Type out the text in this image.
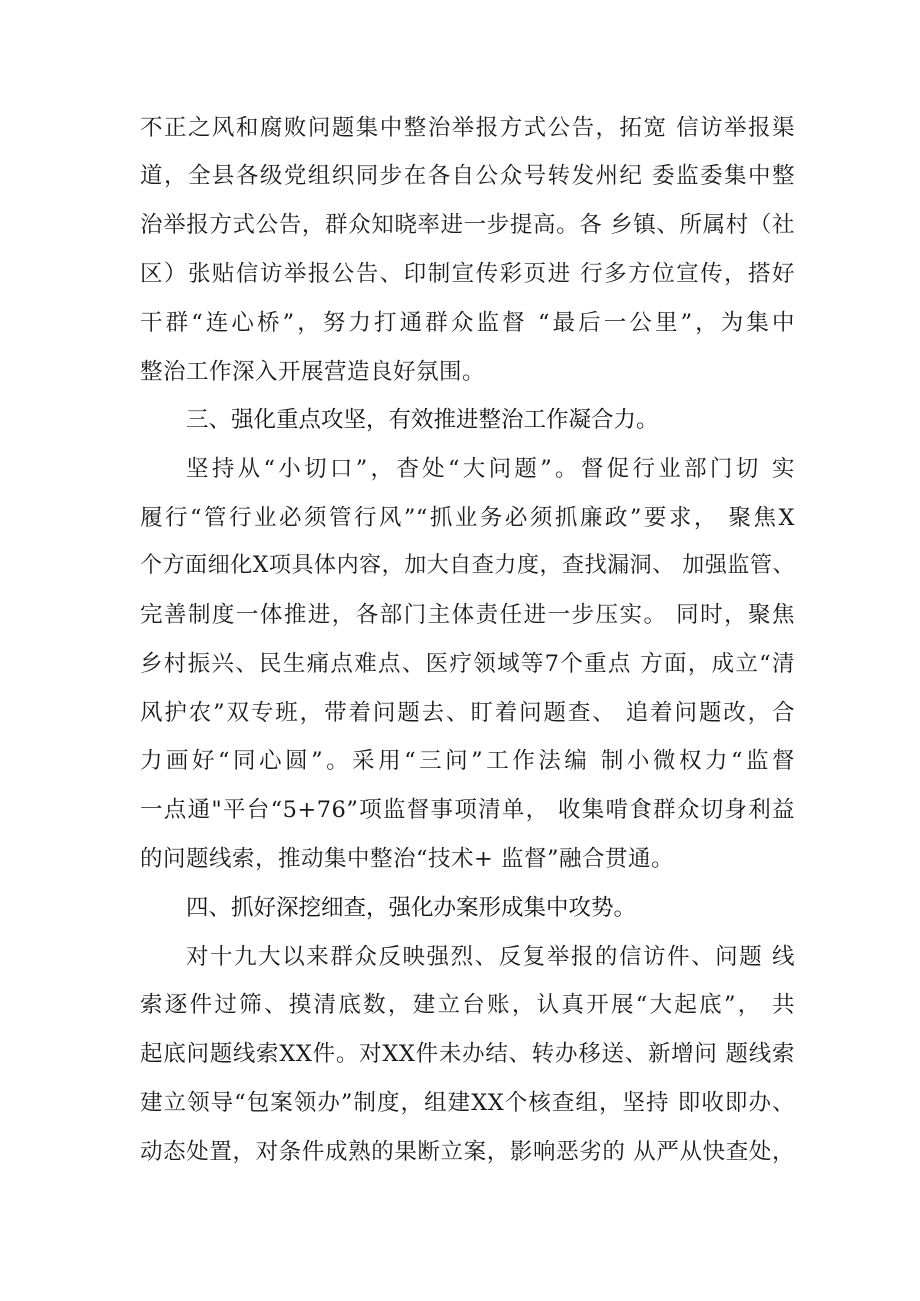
不正之风和腐败问题集中整治举报方式公告，拓宽 信访举报渠
道，全县各级党组织同步在各自公众号转发州纪 委监委集中整
治举报方式公告，群众知晓率进一步提高。各 乡镇、所属村（社
区）张贴信访举报公告、印制宣传彩页进 行多方位宣传，搭好
干群“连心桥”，努力打通群众监督 “最后一公里”，为集中
整治工作深入开展营造良好氛围。
三、强化重点攻坚，有效推进整治工作凝合力。
坚持从“小切口”，杳处“大问题”。督促行业部门切 实
履行“管行业必须管行风”“抓业务必须抓廉政”要求， 聚焦X
个方面细化X项具体内容，加大自查力度，查找漏洞、 加强监管、
完善制度一体推进，各部门主体责任进一步压实。 同时，聚焦
乡村振兴、民生痛点难点、医疗领域等7个重点 方面，成立“清
风护农”双专班，带着问题去、盯着问题查、 追着问题改，合
力画好“同心圆”。采用“三问”工作法编 制小微权力“监督
一点通"平台“5+76”项监督事项清单， 收集啃食群众切身利益
的问题线索，推动集中整治“技术+ 监督”融合贯通。
四、抓好深挖细查，强化办案形成集中攻势。
对十九大以来群众反映强烈、反复举报的信访件、问题 线
索逐件过筛、摸清底数，建立台账，认真开展“大起底”， 共
起底问题线索XX件。对XX件未办结、转办移送、新增问 题线索
建立领导“包案领办”制度，组建XX个核查组，坚持 即收即办、
动态处置，对条件成熟的果断立案，影响恶劣的 从严从快查处，
